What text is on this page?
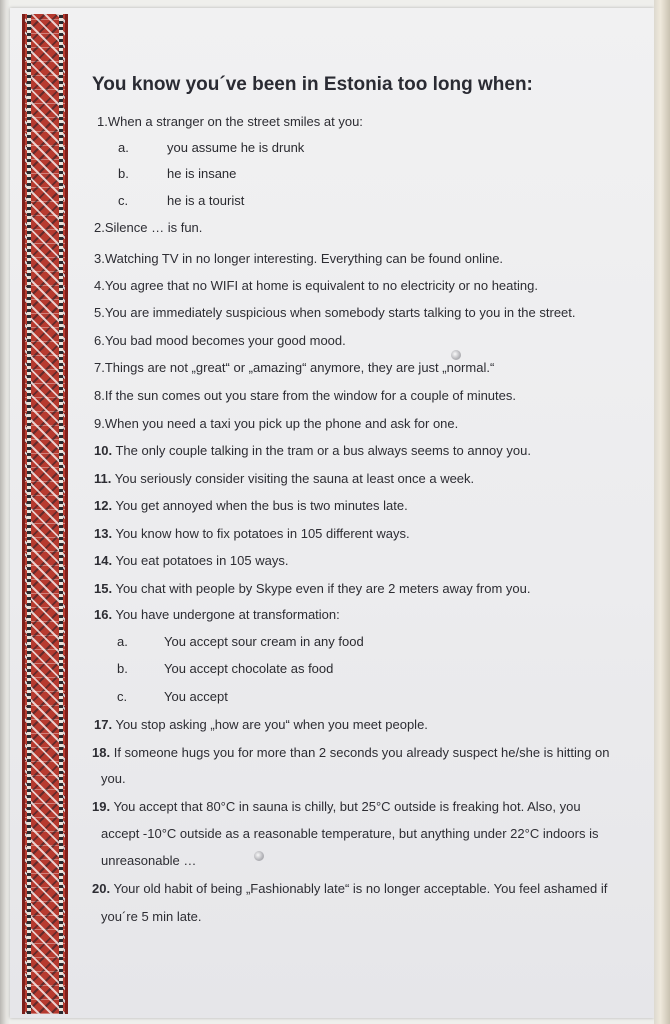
You know you´ve been in Estonia too long when:
1.When a stranger on the street smiles at you:
a.	you assume he is drunk
b.	he is insane
c.	he is a tourist
2.Silence … is fun.
3.Watching TV in no longer interesting. Everything can be found online.
4.You agree that no WIFI at home is equivalent to no electricity or no heating.
5.You are immediately suspicious when somebody starts talking to you in the street.
6.You bad mood becomes your good mood.
7.Things are not „great“ or „amazing“ anymore, they are just „normal.“
8.If the sun comes out you stare from the window for a couple of minutes.
9.When you need a taxi you pick up the phone and ask for one.
10. The only couple talking in the tram or a bus always seems to annoy you.
11. You seriously consider visiting the sauna at least once a week.
12. You get annoyed when the bus is two minutes late.
13. You know how to fix potatoes in 105 different ways.
14. You eat potatoes in 105 ways.
15. You chat with people by Skype even if they are 2 meters away from you.
16. You have undergone at transformation:
a.	You accept sour cream in any food
b.	You accept chocolate as food
c.	You accept
17. You stop asking „how are you“ when you meet people.
18. If someone hugs you for more than 2 seconds you already suspect he/she is hitting on
you.
19. You accept that 80°C in sauna is chilly, but 25°C outside is freaking hot. Also, you
accept -10°C outside as a reasonable temperature, but anything under 22°C indoors is
unreasonable …
20. Your old habit of being „Fashionably late“ is no longer acceptable. You feel ashamed if
you´re 5 min late.
